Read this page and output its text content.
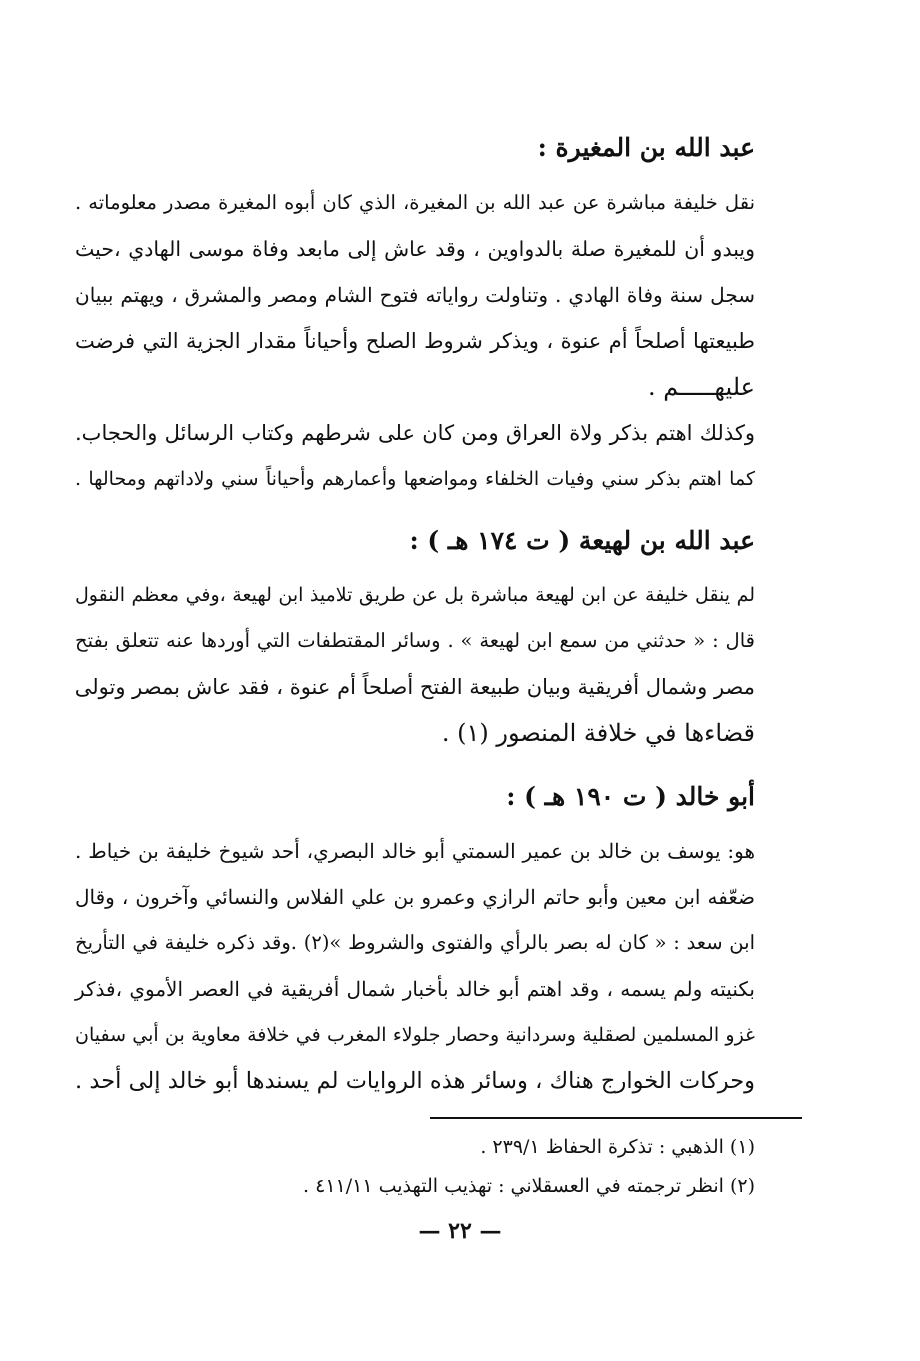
عبد الله بن المغيرة :
نقل خليفة مباشرة عن عبد الله بن المغيرة، الذي كان أبوه المغيرة مصدر معلوماته .
ويبدو أن للمغيرة صلة بالدواوين ، وقد عاش إلى مابعد وفاة موسى الهادي ،حيث
سجل سنة وفاة الهادي . وتناولت رواياته فتوح الشام ومصر والمشرق ، ويهتم ببيان
طبيعتها أصلحاً أم عنوة ، ويذكر شروط الصلح وأحياناً مقدار الجزية التي فرضت
عليهـــــم .
وكذلك اهتم بذكر ولاة العراق ومن كان على شرطهم وكتاب الرسائل والحجاب.
كما اهتم بذكر سني وفيات الخلفاء ومواضعها وأعمارهم وأحياناً سني ولاداتهم ومحالها .
عبد الله بن لهيعة ( ت ١٧٤ هـ ) :
لم ينقل خليفة عن ابن لهيعة مباشرة بل عن طريق تلاميذ ابن لهيعة ،وفي معظم النقول
قال : « حدثني من سمع ابن لهيعة » . وسائر المقتطفات التي أوردها عنه تتعلق بفتح
مصر وشمال أفريقية وبيان طبيعة الفتح أصلحاً أم عنوة ، فقد عاش بمصر وتولى
قضاءها في خلافة المنصور (١) .
أبو خالد ( ت ١٩٠ هـ ) :
هو: يوسف بن خالد بن عمير السمتي أبو خالد البصري، أحد شيوخ خليفة بن خياط .
ضعّفه ابن معين وأبو حاتم الرازي وعمرو بن علي الفلاس والنسائي وآخرون ، وقال
ابن سعد : « كان له بصر بالرأي والفتوى والشروط »(٢) .وقد ذكره خليفة في التأريخ
بكنيته ولم يسمه ، وقد اهتم أبو خالد بأخبار شمال أفريقية في العصر الأموي ،فذكر
غزو المسلمين لصقلية وسردانية وحصار جلولاء المغرب في خلافة معاوية بن أبي سفيان
وحركات الخوارج هناك ، وسائر هذه الروايات لم يسندها أبو خالد إلى أحد .
(١) الذهبي : تذكرة الحفاظ ٢٣٩/١ .
(٢) انظر ترجمته في العسقلاني : تهذيب التهذيب ٤١١/١١ .
— ٢٢ —
